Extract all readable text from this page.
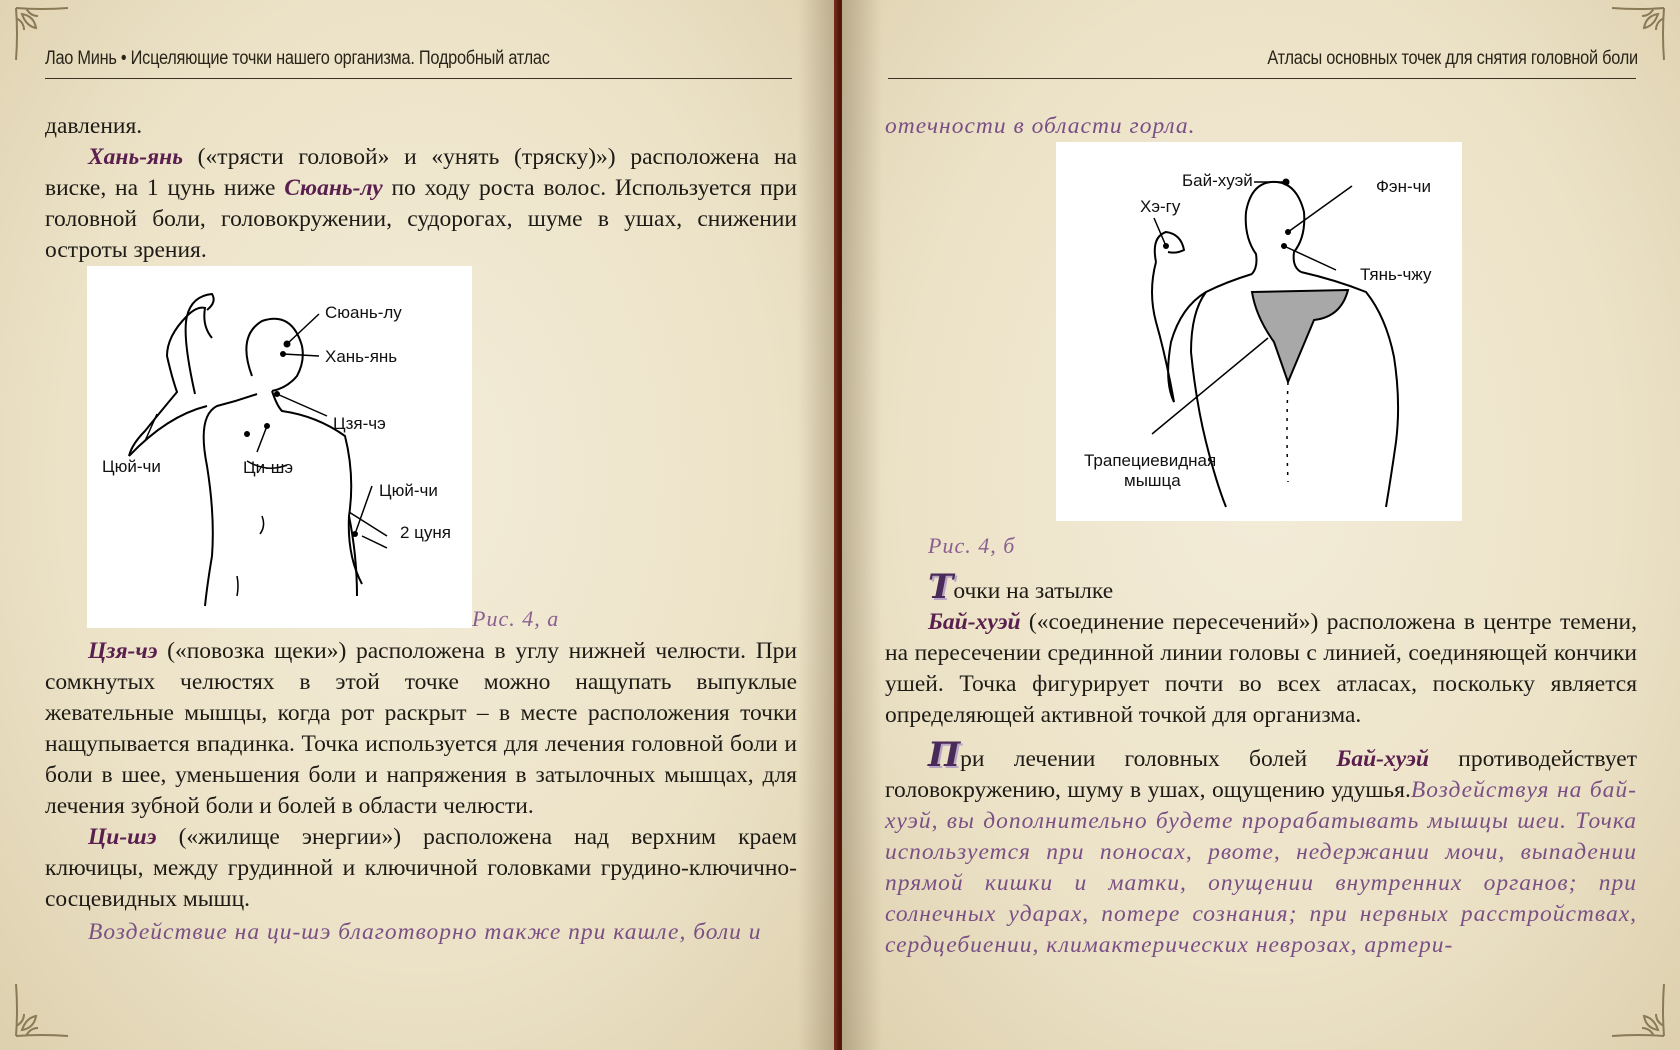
Лао Минь • Исцеляющие точки нашего организма. Подробный атлас

давления.

Хань-янь («трясти головой» и «унять (тряску)») расположена на виске, на 1 цунь ниже Сюань-лу по ходу роста волос. Используется при головной боли, головокружении, судорогах, шуме в ушах, снижении остроты зрения.

Сюань-лу
Хань-янь
Цзя-чэ
Цюй-чи	Ци-шэ
Цюй-чи
2 цуня
Рис. 4, а

Цзя-чэ («повозка щеки») расположена в углу нижней челюсти. При сомкнутых челюстях в этой точке можно нащупать выпуклые жевательные мышцы, когда рот раскрыт – в месте расположения точки нащупывается впадинка. Точка используется для лечения головной боли и боли в шее, уменьшения боли и напряжения в затылочных мышцах, для лечения зубной боли и болей в области челюсти.

Ци-шэ («жилище энергии») расположена над верхним краем ключицы, между грудинной и ключичной головками грудино-ключично-сосцевидных мышц.

Воздействие на ци-шэ благотворно также при кашле, боли и

Атласы основных точек для снятия головной боли
отечности в области горла.
Бай-хуэй
Хэ-гу
Фэн-чи
Тянь-чжу
Трапециевидная
мышца
Рис. 4, б

Точки на затылке

Бай-хуэй («соединение пересечений») расположена в центре темени, на пересечении срединной линии головы с линией, соединяющей кончики ушей. Точка фигурирует почти во всех атласах, поскольку является определяющей активной точкой для организма.

При лечении головных болей Бай-хуэй противодействует головокружению, шуму в ушах, ощущению удушья.Воздействуя на бай-хуэй, вы дополнительно будете прорабатывать мышцы шеи. Точка используется при поносах, рвоте, недержании мочи, выпадении прямой кишки и матки, опущении внутренних органов; при солнечных ударах, потере сознания; при нервных расстройствах, сердцебиении, климактерических неврозах, артери-
